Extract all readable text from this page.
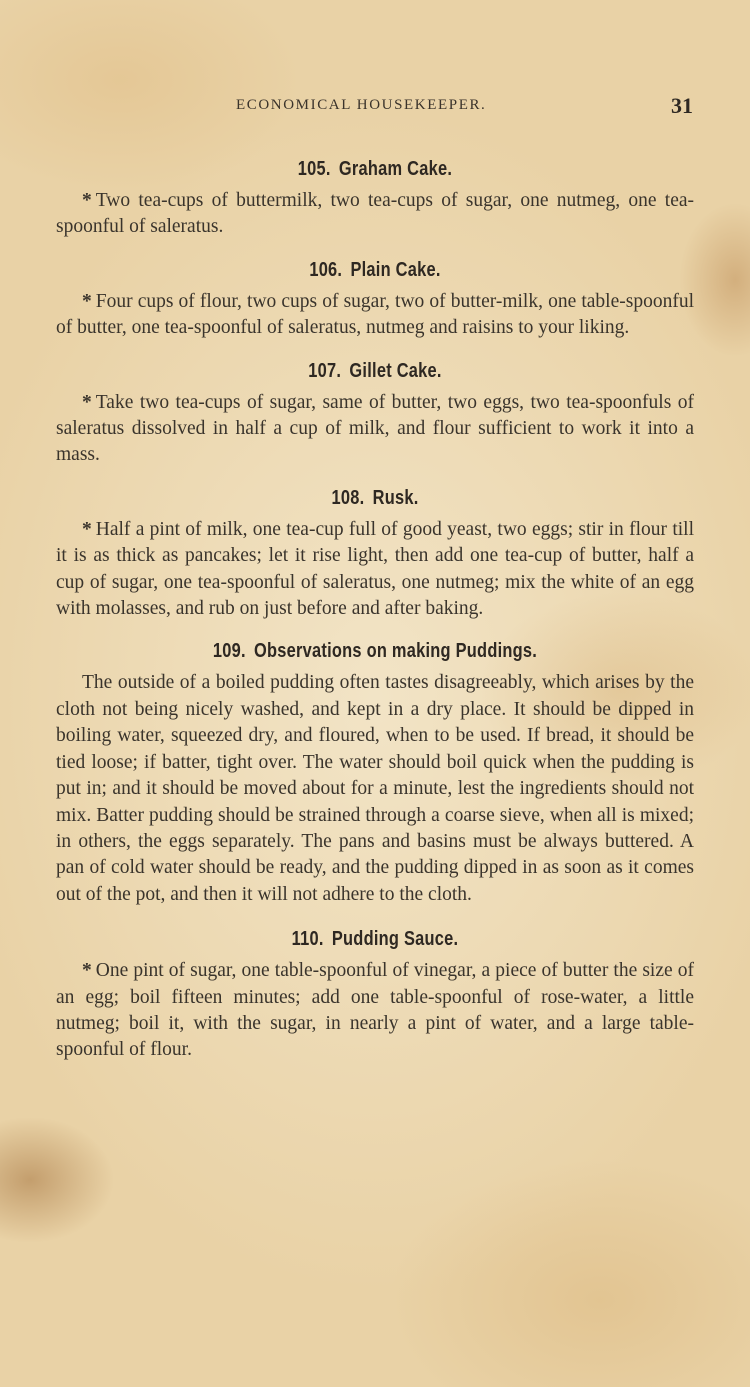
ECONOMICAL HOUSEKEEPER.	31
105. Graham Cake.

* Two tea-cups of buttermilk, two tea-cups of sugar, one nutmeg, one tea-spoonful of saleratus.

106. Plain Cake.

* Four cups of flour, two cups of sugar, two of butter-milk, one table-spoonful of butter, one tea-spoonful of saleratus, nutmeg and raisins to your liking.

107. Gillet Cake.

* Take two tea-cups of sugar, same of butter, two eggs, two tea-spoonfuls of saleratus dissolved in half a cup of milk, and flour sufficient to work it into a mass.

108. Rusk.

* Half a pint of milk, one tea-cup full of good yeast, two eggs; stir in flour till it is as thick as pancakes; let it rise light, then add one tea-cup of butter, half a cup of sugar, one tea-spoonful of saleratus, one nutmeg; mix the white of an egg with molasses, and rub on just before and after baking.

109. Observations on making Puddings.

The outside of a boiled pudding often tastes disagreeably, which arises by the cloth not being nicely washed, and kept in a dry place. It should be dipped in boiling water, squeezed dry, and floured, when to be used. If bread, it should be tied loose; if batter, tight over. The water should boil quick when the pudding is put in; and it should be moved about for a minute, lest the ingredients should not mix. Batter pudding should be strained through a coarse sieve, when all is mixed; in others, the eggs separately. The pans and basins must be always buttered. A pan of cold water should be ready, and the pudding dipped in as soon as it comes out of the pot, and then it will not adhere to the cloth.

110. Pudding Sauce.

* One pint of sugar, one table-spoonful of vinegar, a piece of butter the size of an egg; boil fifteen minutes; add one table-spoonful of rose-water, a little nutmeg; boil it, with the sugar, in nearly a pint of water, and a large table-spoonful of flour.
